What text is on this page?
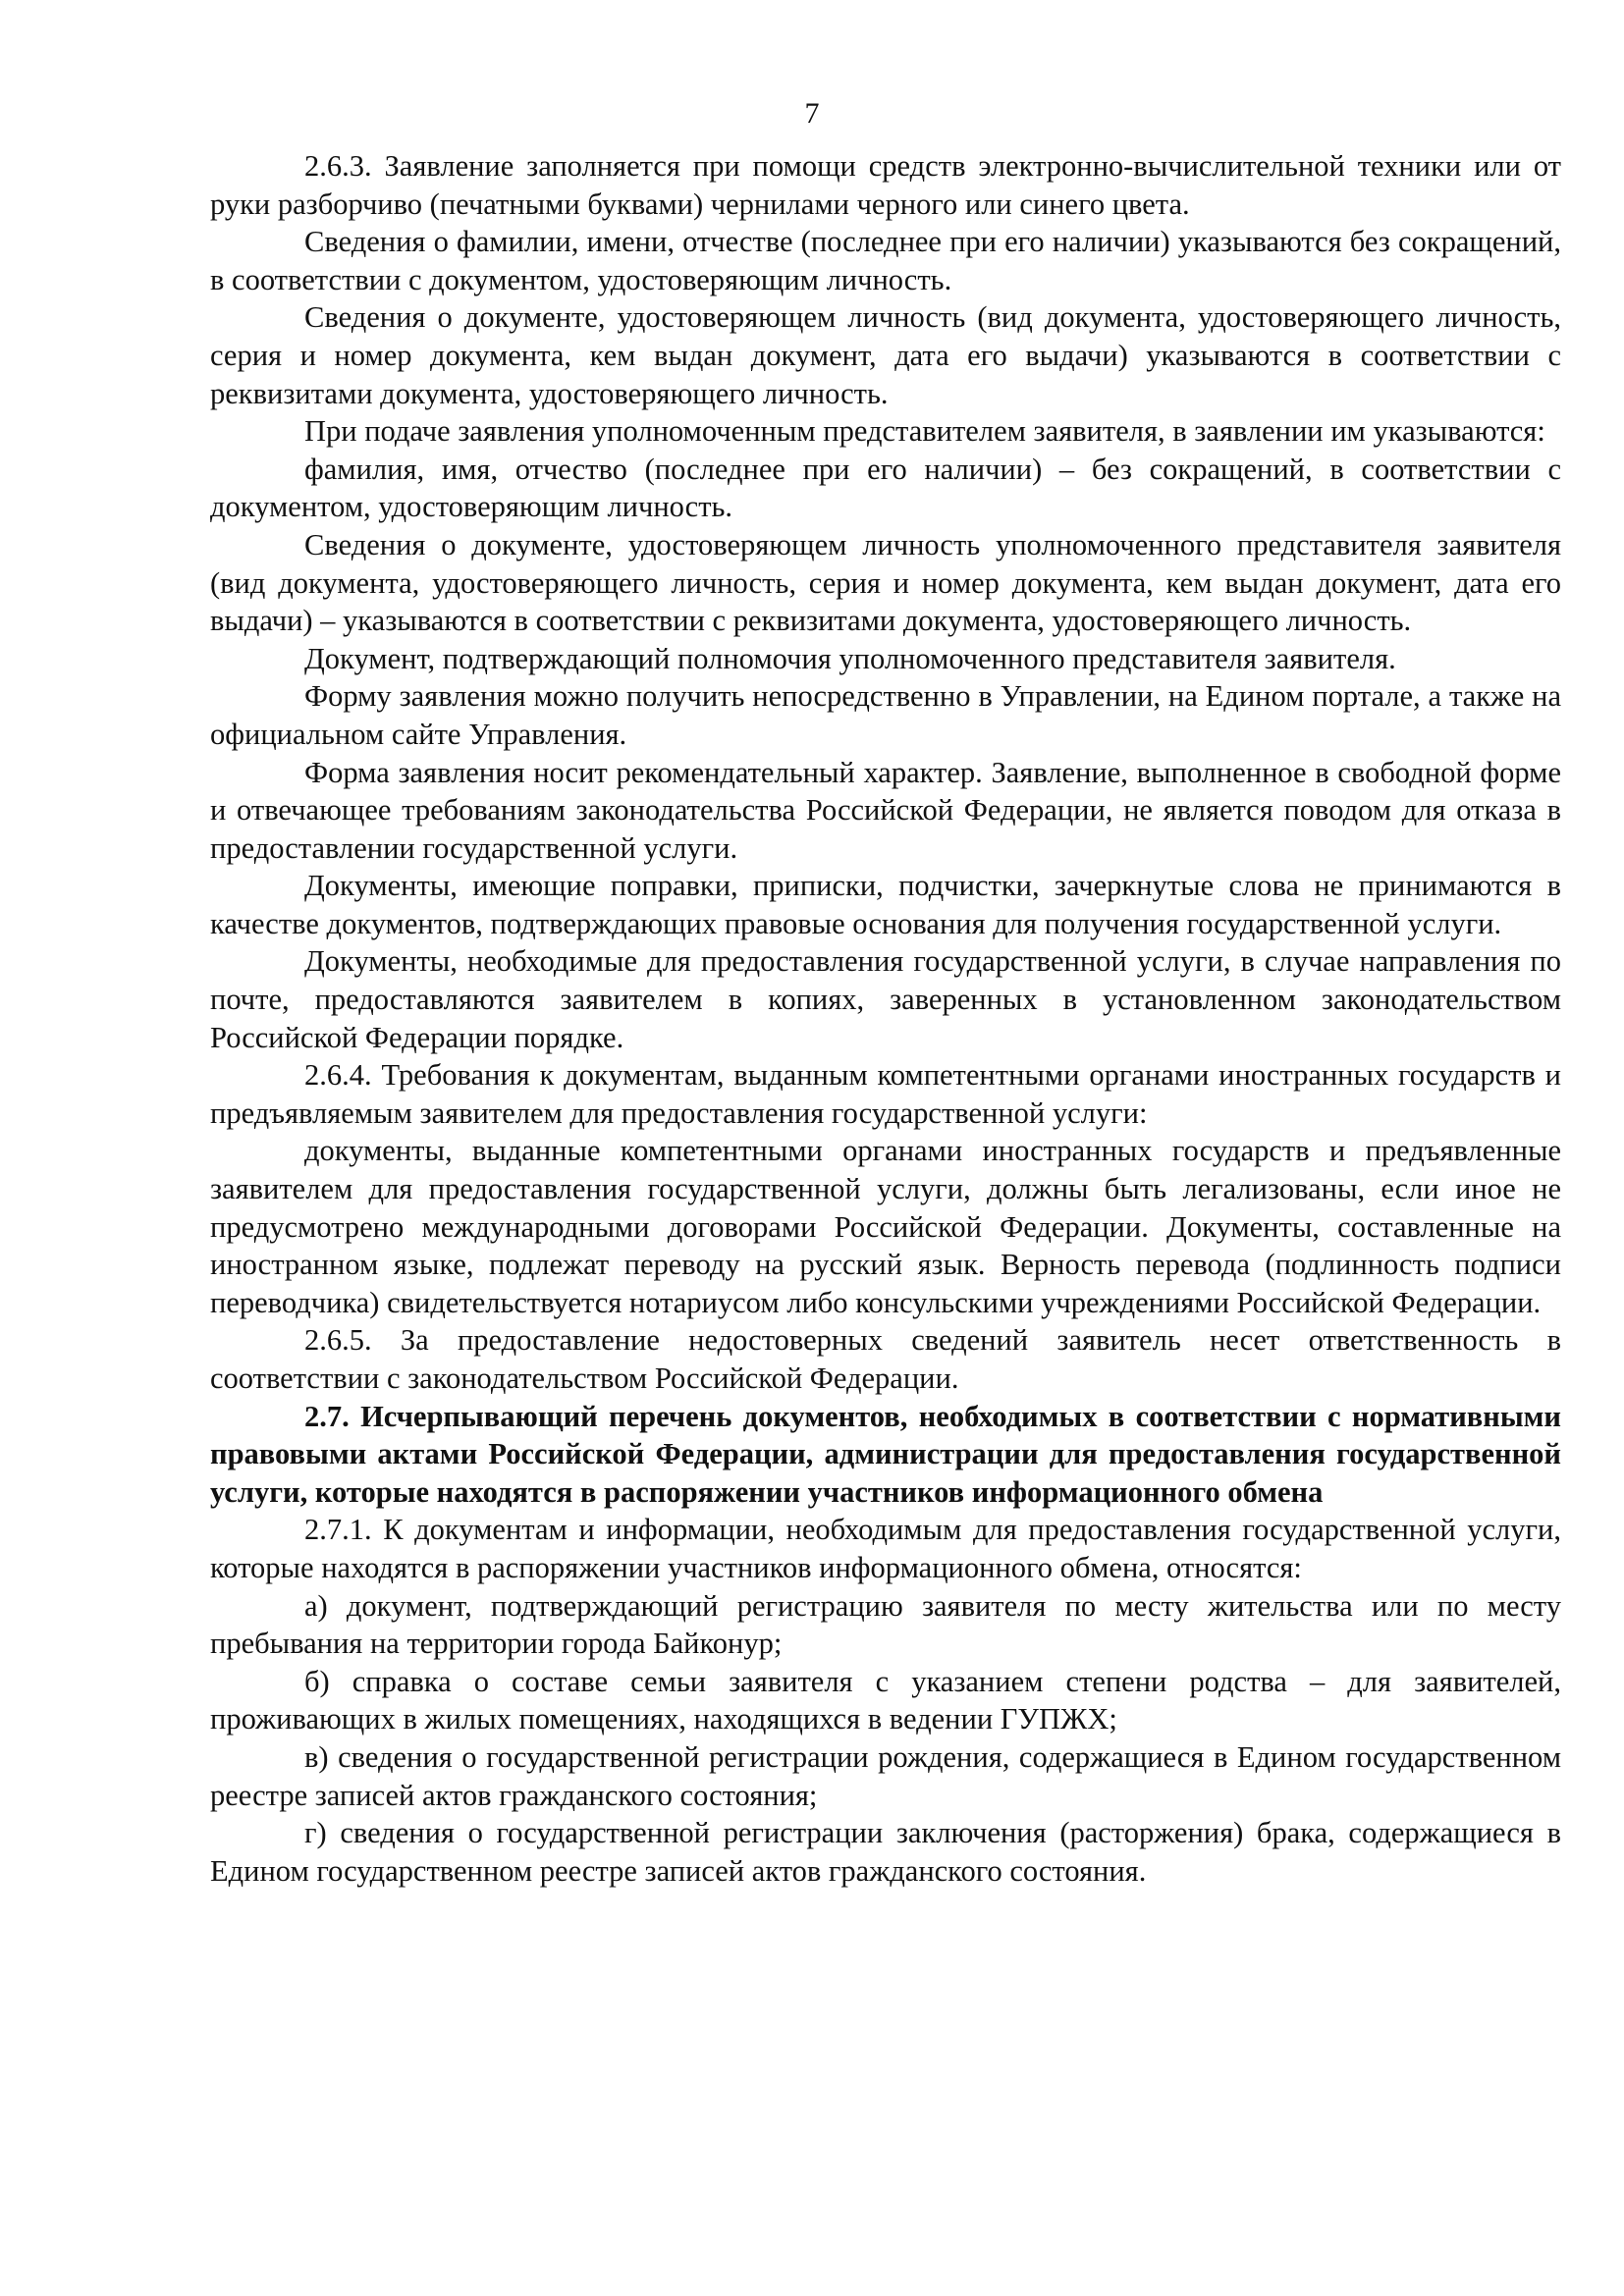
7

2.6.3. Заявление заполняется при помощи средств электронно-вычислительной техники или от руки разборчиво (печатными буквами) чернилами черного или синего цвета.

Сведения о фамилии, имени, отчестве (последнее при его наличии) указываются без сокращений, в соответствии с документом, удостоверяющим личность.

Сведения о документе, удостоверяющем личность (вид документа, удостоверяющего личность, серия и номер документа, кем выдан документ, дата его выдачи) указываются в соответствии с реквизитами документа, удостоверяющего личность.

При подаче заявления уполномоченным представителем заявителя, в заявлении им указываются:

фамилия, имя, отчество (последнее при его наличии) – без сокращений, в соответствии с документом, удостоверяющим личность.

Сведения о документе, удостоверяющем личность уполномоченного представителя заявителя (вид документа, удостоверяющего личность, серия и номер документа, кем выдан документ, дата его выдачи) – указываются в соответствии с реквизитами документа, удостоверяющего личность.

Документ, подтверждающий полномочия уполномоченного представителя заявителя.

Форму заявления можно получить непосредственно в Управлении, на Едином портале, а также на официальном сайте Управления.

Форма заявления носит рекомендательный характер. Заявление, выполненное в свободной форме и отвечающее требованиям законодательства Российской Федерации, не является поводом для отказа в предоставлении государственной услуги.

Документы, имеющие поправки, приписки, подчистки, зачеркнутые слова не принимаются в качестве документов, подтверждающих правовые основания для получения государственной услуги.

Документы, необходимые для предоставления государственной услуги, в случае направления по почте, предоставляются заявителем в копиях, заверенных в установленном законодательством Российской Федерации порядке.

2.6.4. Требования к документам, выданным компетентными органами иностранных государств и предъявляемым заявителем для предоставления государственной услуги:

документы, выданные компетентными органами иностранных государств и предъявленные заявителем для предоставления государственной услуги, должны быть легализованы, если иное не предусмотрено международными договорами Российской Федерации. Документы, составленные на иностранном языке, подлежат переводу на русский язык. Верность перевода (подлинность подписи переводчика) свидетельствуется нотариусом либо консульскими учреждениями Российской Федерации.

2.6.5. За предоставление недостоверных сведений заявитель несет ответственность в соответствии с законодательством Российской Федерации.

2.7. Исчерпывающий перечень документов, необходимых в соответствии с нормативными правовыми актами Российской Федерации, администрации для предоставления государственной услуги, которые находятся в распоряжении участников информационного обмена

2.7.1. К документам и информации, необходимым для предоставления государственной услуги, которые находятся в распоряжении участников информационного обмена, относятся:

а) документ, подтверждающий регистрацию заявителя по месту жительства или по месту пребывания на территории города Байконур;

б) справка о составе семьи заявителя с указанием степени родства – для заявителей, проживающих в жилых помещениях, находящихся в ведении ГУПЖХ;

в) сведения о государственной регистрации рождения, содержащиеся в Едином государственном реестре записей актов гражданского состояния;

г) сведения о государственной регистрации заключения (расторжения) брака, содержащиеся в Едином государственном реестре записей актов гражданского состояния.
